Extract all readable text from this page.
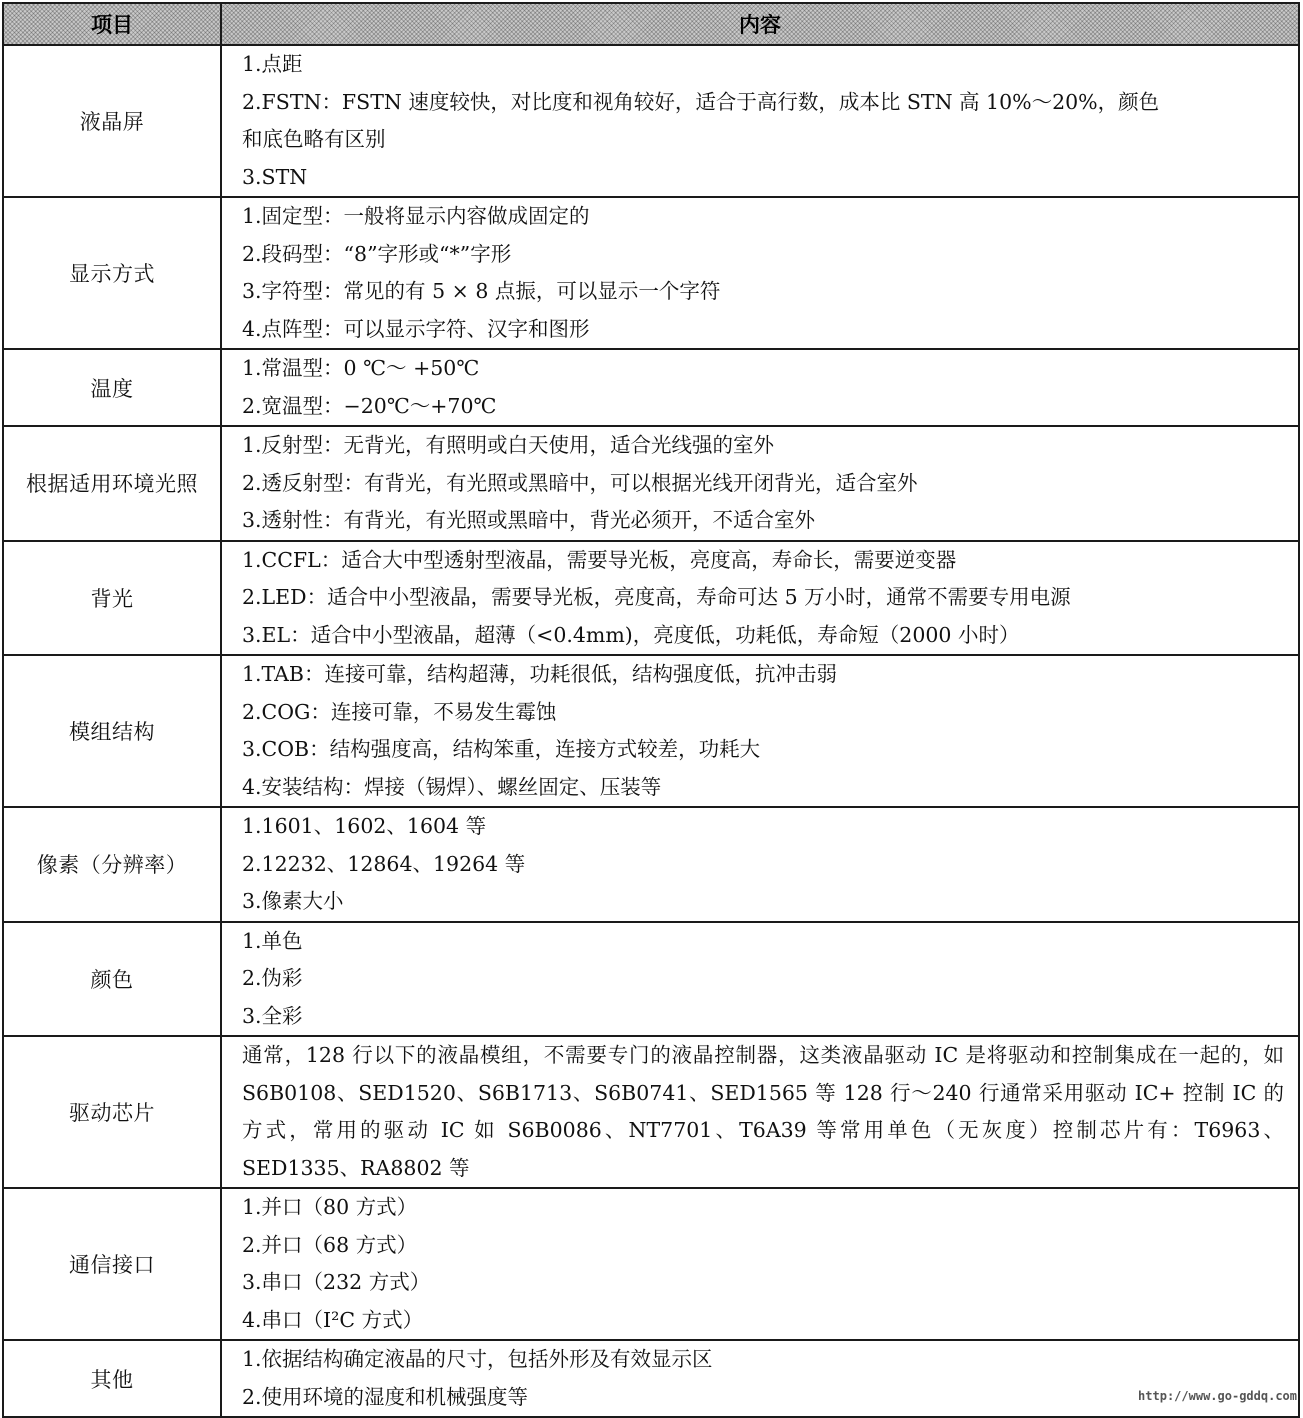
项目	内容
液晶屏	1.点距
2.FSTN：FSTN 速度较快，对比度和视角较好，适合于高行数，成本比 STN 高 10%～20%，颜色
和底色略有区别
3.STN

显示方式	1.固定型：一般将显示内容做成固定的
2.段码型：“8”字形或“*”字形
3.字符型：常见的有 5 × 8 点振，可以显示一个字符
4.点阵型：可以显示字符、汉字和图形

温度	1.常温型：0 ℃～ +50℃
2.宽温型：−20℃～+70℃

根据适用环境光照	1.反射型：无背光，有照明或白天使用，适合光线强的室外
2.透反射型：有背光，有光照或黑暗中，可以根据光线开闭背光，适合室外
3.透射性：有背光，有光照或黑暗中，背光必须开，不适合室外

背光	1.CCFL：适合大中型透射型液晶，需要导光板，亮度高，寿命长，需要逆变器
2.LED：适合中小型液晶，需要导光板，亮度高，寿命可达 5 万小时，通常不需要专用电源
3.EL：适合中小型液晶，超薄（<0.4mm)，亮度低，功耗低，寿命短（2000 小时）

模组结构	1.TAB：连接可靠，结构超薄，功耗很低，结构强度低，抗冲击弱
2.COG：连接可靠，不易发生霉蚀
3.COB：结构强度高，结构笨重，连接方式较差，功耗大
4.安装结构：焊接（锡焊）、螺丝固定、压装等

像素（分辨率）	1.1601、1602、1604 等
2.12232、12864、19264 等
3.像素大小

颜色	1.单色
2.伪彩
3.全彩

驱动芯片	通常，128 行以下的液晶模组，不需要专门的液晶控制器，这类液晶驱动 IC 是将驱动和控制集成在一起的，如 S6B0108、SED1520、S6B1713、S6B0741、SED1565 等 128 行～240 行通常采用驱动 IC+ 控制 IC 的方式，常用的驱动 IC 如 S6B0086、NT7701、T6A39 等常用单色（无灰度）控制芯片有：T6963、SED1335、RA8802 等

通信接口	1.并口（80 方式）
2.并口（68 方式）
3.串口（232 方式）
4.串口（I²C 方式）

其他	1.依据结构确定液晶的尺寸，包括外形及有效显示区
2.使用环境的湿度和机械强度等	http://www.go-gddq.com
